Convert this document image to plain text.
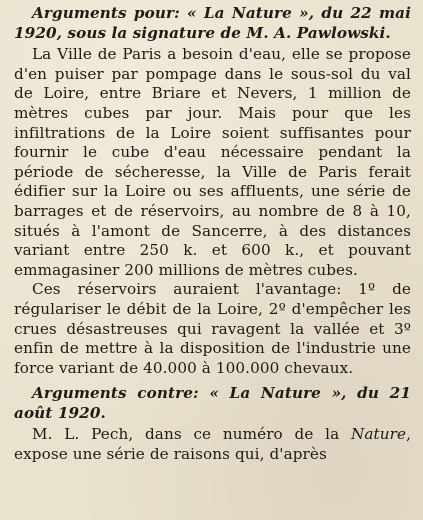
Arguments pour: « La Nature », du 22 mai 1920, sous la signature de M. A. Pawlowski.

La Ville de Paris a besoin d'eau, elle se propose d'en puiser par pompage dans le sous-sol du val de Loire, entre Briare et Nevers, 1 million de mètres cubes par jour. Mais pour que les infiltrations de la Loire soient suffisantes pour fournir le cube d'eau nécessaire pendant la période de sécheresse, la Ville de Paris ferait édifier sur la Loire ou ses affluents, une série de barrages et de réservoirs, au nombre de 8 à 10, situés à l'amont de Sancerre, à des distances variant entre 250 k. et 600 k., et pouvant emmagasiner 200 millions de mètres cubes.

Ces réservoirs auraient l'avantage: 1º de régulariser le débit de la Loire, 2º d'empêcher les crues désastreuses qui ravagent la vallée et 3º enfin de mettre à la disposition de l'industrie une force variant de 40.000 à 100.000 chevaux.

Arguments contre: « La Nature », du 21 août 1920.

M. L. Pech, dans ce numéro de la Nature, expose une série de raisons qui, d'après
